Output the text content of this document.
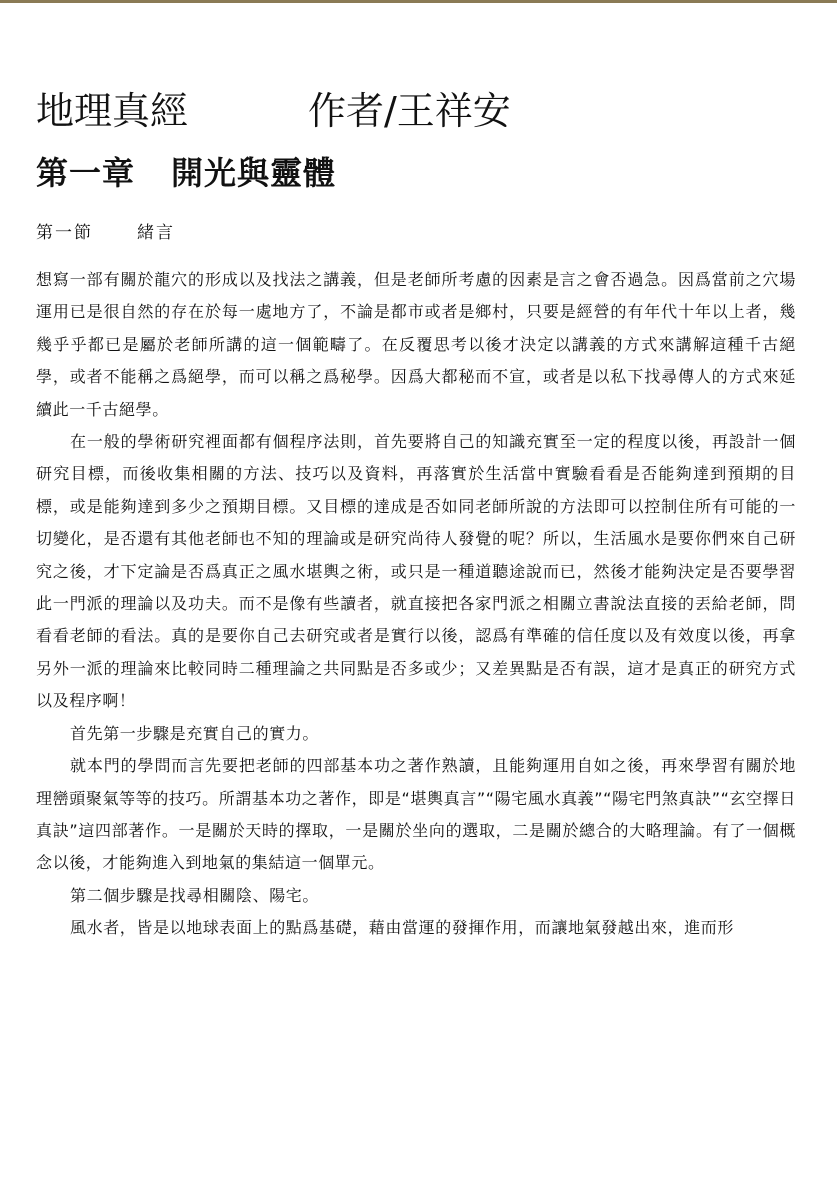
地理真經	作者/王祥安
第一章 開光與靈體
第一節	緒言

想寫一部有關於龍穴的形成以及找法之講義，但是老師所考慮的因素是言之會否過急。因爲當前之穴場運用已是很自然的存在於每一處地方了，不論是都市或者是鄉村，只要是經營的有年代十年以上者，幾幾乎乎都已是屬於老師所講的這一個範疇了。在反覆思考以後才決定以講義的方式來講解這種千古絕學，或者不能稱之爲絕學，而可以稱之爲秘學。因爲大都秘而不宣，或者是以私下找尋傳人的方式來延續此一千古絕學。

在一般的學術研究裡面都有個程序法則，首先要將自己的知識充實至一定的程度以後，再設計一個研究目標，而後收集相關的方法、技巧以及資料，再落實於生活當中實驗看看是否能夠達到預期的目標，或是能夠達到多少之預期目標。又目標的達成是否如同老師所說的方法即可以控制住所有可能的一切變化，是否還有其他老師也不知的理論或是研究尚待人發覺的呢？所以，生活風水是要你們來自己研究之後，才下定論是否爲真正之風水堪輿之術，或只是一種道聽途說而已，然後才能夠決定是否要學習此一門派的理論以及功夫。而不是像有些讀者，就直接把各家門派之相關立書說法直接的丟給老師，問看看老師的看法。真的是要你自己去研究或者是實行以後，認爲有準確的信任度以及有效度以後，再拿另外一派的理論來比較同時二種理論之共同點是否多或少；又差異點是否有誤，這才是真正的研究方式以及程序啊！

首先第一步驟是充實自己的實力。

就本門的學問而言先要把老師的四部基本功之著作熟讀，且能夠運用自如之後，再來學習有關於地理巒頭聚氣等等的技巧。所謂基本功之著作，即是“堪輿真言”“陽宅風水真義”“陽宅門煞真訣”“玄空擇日真訣”這四部著作。一是關於天時的擇取，一是關於坐向的選取，二是關於總合的大略理論。有了一個概念以後，才能夠進入到地氣的集結這一個單元。

第二個步驟是找尋相關陰、陽宅。

風水者，皆是以地球表面上的點爲基礎，藉由當運的發揮作用，而讓地氣發越出來，進而形
